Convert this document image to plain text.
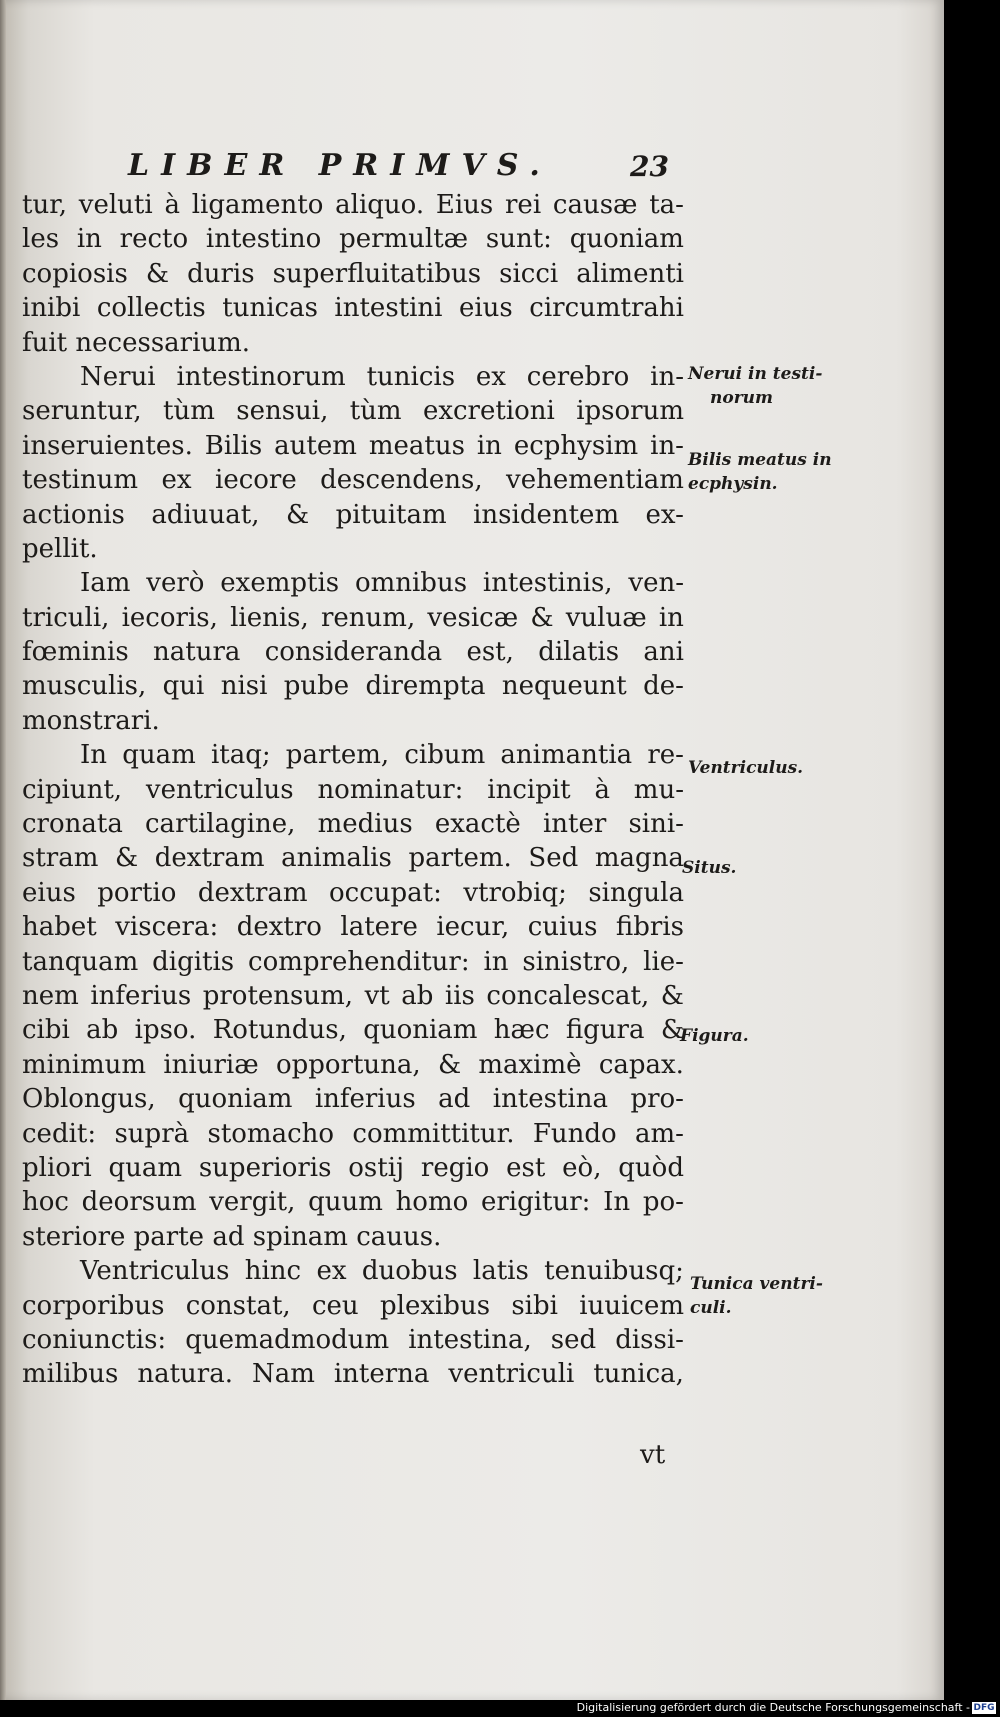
LIBER PRIMVS.	23
tur, veluti à ligamento aliquo. Eius rei causæ ta-
les in recto intestino permultæ sunt: quoniam
copiosis & duris superfluitatibus sicci alimenti
inibi collectis tunicas intestini eius circumtrahi
fuit necessarium.
Nerui intestinorum tunicis ex cerebro in-
seruntur, tùm sensui, tùm excretioni ipsorum
inseruientes. Bilis autem meatus in ecphysim in-
testinum ex iecore descendens, vehementiam
actionis adiuuat, & pituitam insidentem ex-
pellit.
Iam verò exemptis omnibus intestinis, ven-
triculi, iecoris, lienis, renum, vesicæ & vuluæ in
fœminis natura consideranda est, dilatis ani
musculis, qui nisi pube dirempta nequeunt de-
monstrari.
In quam itaq; partem, cibum animantia re-
cipiunt, ventriculus nominatur: incipit à mu-
cronata cartilagine, medius exactè inter sini-
stram & dextram animalis partem. Sed magna
eius portio dextram occupat: vtrobiq; singula
habet viscera: dextro latere iecur, cuius fibris
tanquam digitis comprehenditur: in sinistro, lie-
nem inferius protensum, vt ab iis concalescat, &
cibi ab ipso. Rotundus, quoniam hæc figura &
minimum iniuriæ opportuna, & maximè capax.
Oblongus, quoniam inferius ad intestina pro-
cedit: suprà stomacho committitur. Fundo am-
pliori quam superioris ostij regio est eò, quòd
hoc deorsum vergit, quum homo erigitur: In po-
steriore parte ad spinam cauus.
Ventriculus hinc ex duobus latis tenuibusq;
corporibus constat, ceu plexibus sibi iuuicem
coniunctis: quemadmodum intestina, sed dissi-
milibus natura. Nam interna ventriculi tunica,
Nerui in testi-
norum
Bilis meatus in
ecphysin.
Ventriculus.
Situs.
Figura.
Tunica ventri-
culi.
vt
Digitalisierung gefördert durch die Deutsche Forschungsgemeinschaft - DFG
